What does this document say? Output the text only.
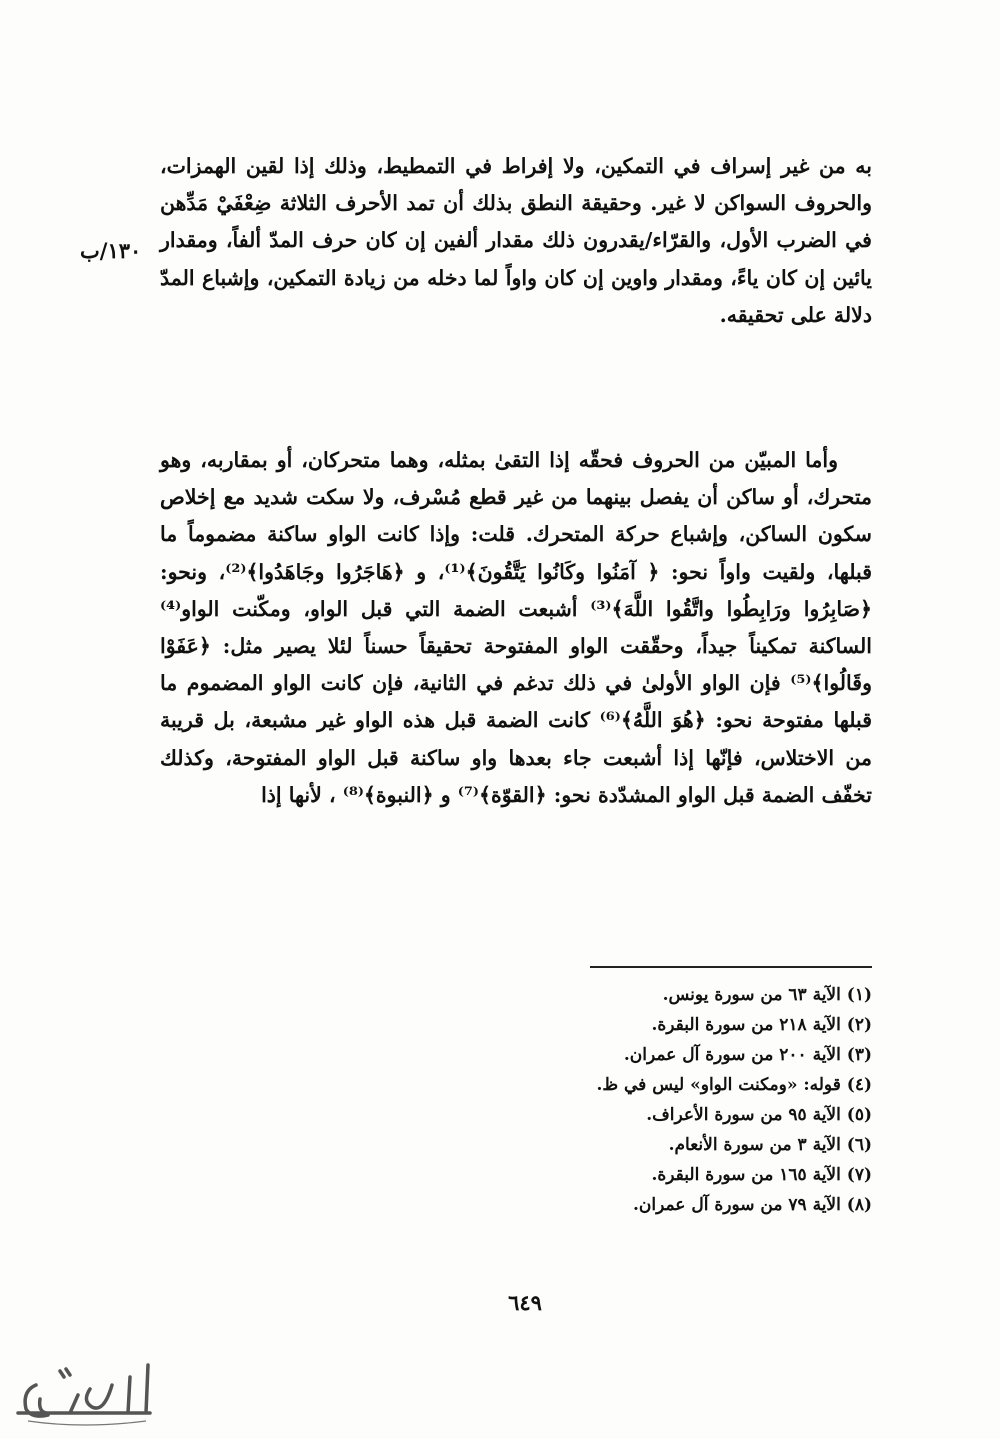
١٣٠/ب

به من غير إسراف في التمكين، ولا إفراط في التمطيط، وذلك إذا لقين الهمزات، والحروف السواكن لا غير. وحقيقة النطق بذلك أن تمد الأحرف الثلاثة ضِعْفَيْ مَدِّهن في الضرب الأول، والقرّاء/يقدرون ذلك مقدار ألفين إن كان حرف المدّ ألفاً، ومقدار يائين إن كان ياءً، ومقدار واوين إن كان واواً لما دخله من زيادة التمكين، وإشباع المدّ دلالة على تحقيقه.

وأما المبيّن من الحروف فحقّه إذا التقىٰ بمثله، وهما متحركان، أو بمقاربه، وهو متحرك، أو ساكن أن يفصل بينهما من غير قطع مُسْرف، ولا سكت شديد مع إخلاص سكون الساكن، وإشباع حركة المتحرك. قلت: وإذا كانت الواو ساكنة مضموماً ما قبلها، ولقيت واواً نحو: ﴿ آمَنُوا وكَانُوا يَتَّقُونَ﴾⁽¹⁾، و ﴿هَاجَرُوا وجَاهَدُوا﴾⁽²⁾، ونحو: ﴿صَابِرُوا ورَابِطُوا واتَّقُوا اللَّهَ﴾⁽³⁾ أشبعت الضمة التي قبل الواو، ومكّنت الواو⁽⁴⁾ الساكنة تمكيناً جيداً، وحقّقت الواو المفتوحة تحقيقاً حسناً لئلا يصير مثل: ﴿عَفَوْا وقَالُوا﴾⁽⁵⁾ فإن الواو الأولىٰ في ذلك تدغم في الثانية، فإن كانت الواو المضموم ما قبلها مفتوحة نحو: ﴿هُوَ اللَّهُ﴾⁽⁶⁾ كانت الضمة قبل هذه الواو غير مشبعة، بل قريبة من الاختلاس، فإنّها إذا أشبعت جاء بعدها واو ساكنة قبل الواو المفتوحة، وكذلك تخفّف الضمة قبل الواو المشدّدة نحو: ﴿القوّة﴾⁽⁷⁾ و ﴿النبوة﴾⁽⁸⁾ ، لأنها إذا

(١) الآية ٦٣ من سورة يونس.
(٢) الآية ٢١٨ من سورة البقرة.
(٣) الآية ٢٠٠ من سورة آل عمران.
(٤) قوله: «ومكنت الواو» ليس في ظ.
(٥) الآية ٩٥ من سورة الأعراف.
(٦) الآية ٣ من سورة الأنعام.
(٧) الآية ١٦٥ من سورة البقرة.
(٨) الآية ٧٩ من سورة آل عمران.
٦٤٩
